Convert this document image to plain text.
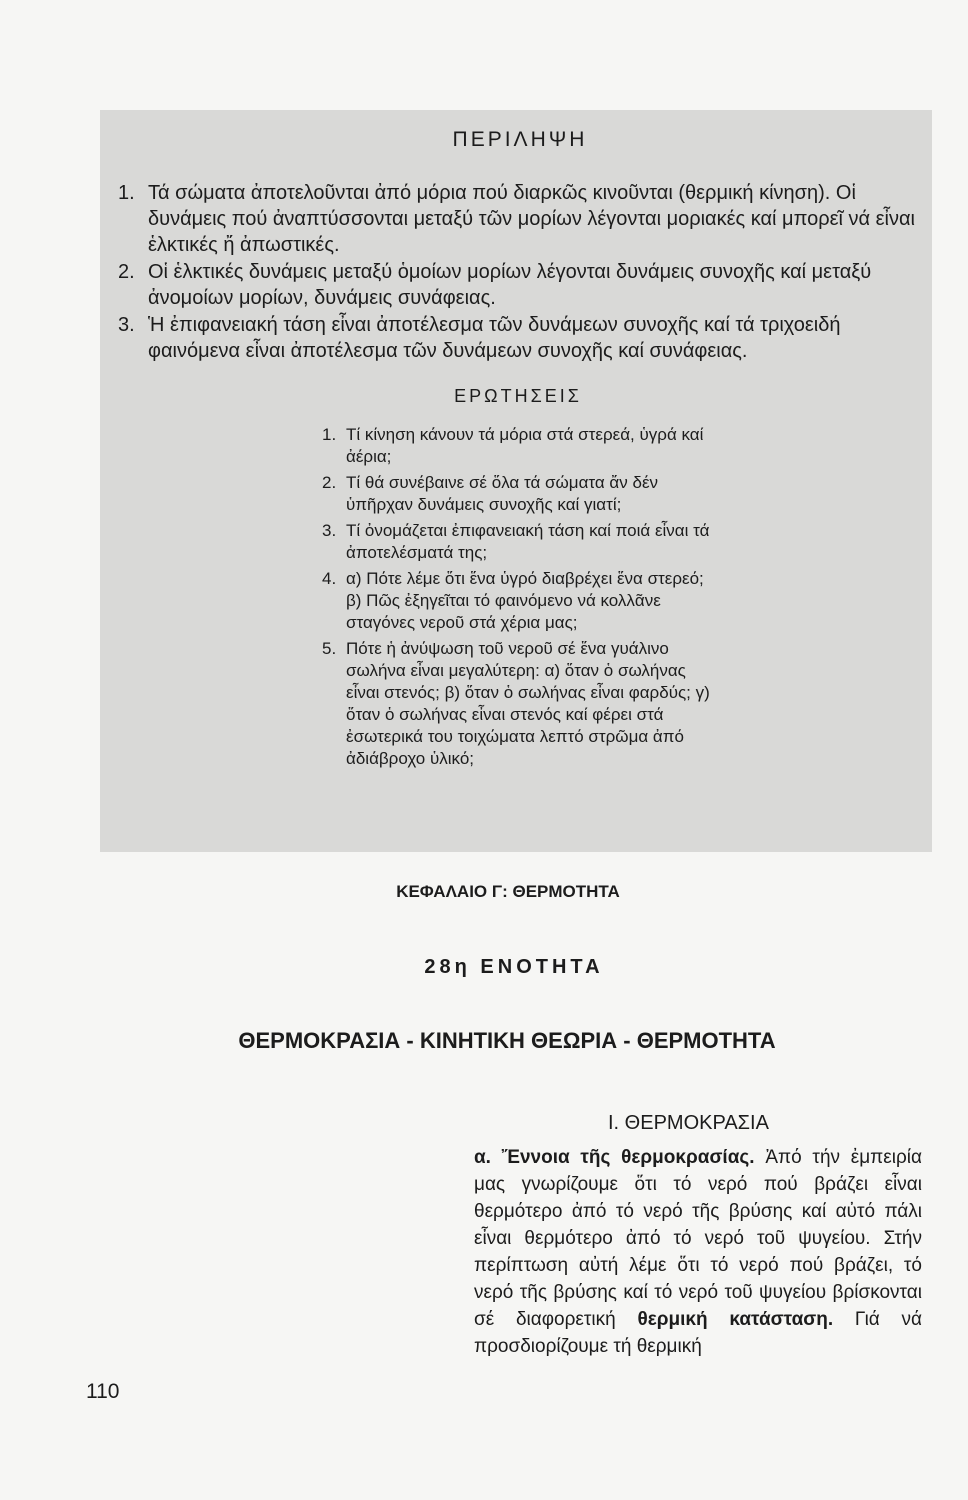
ΠΕΡΙΛΗΨΗ
1. Τά σώματα ἀποτελοῦνται ἀπό μόρια πού διαρκῶς κινοῦνται (θερμική κίνηση). Οἱ δυνάμεις πού ἀναπτύσσονται μεταξύ τῶν μορίων λέγονται μοριακές καί μπορεῖ νά εἶναι ἑλκτικές ἤ ἀπωστικές.
2. Οἱ ἑλκτικές δυνάμεις μεταξύ ὁμοίων μορίων λέγονται δυνάμεις συνοχῆς καί μεταξύ ἀνομοίων μορίων, δυνάμεις συνάφειας.
3. Ἡ ἐπιφανειακή τάση εἶναι ἀποτέλεσμα τῶν δυνάμεων συνοχῆς καί τά τριχοειδή φαινόμενα εἶναι ἀποτέλεσμα τῶν δυνάμεων συνοχῆς καί συνάφειας.
ΕΡΩΤΗΣΕΙΣ
1. Τί κίνηση κάνουν τά μόρια στά στερεά, ὑγρά καί ἀέρια;
2. Τί θά συνέβαινε σέ ὅλα τά σώματα ἄν δέν ὑπῆρχαν δυνάμεις συνοχῆς καί γιατί;
3. Τί ὀνομάζεται ἐπιφανειακή τάση καί ποιά εἶναι τά ἀποτελέσματά της;
4. α) Πότε λέμε ὅτι ἕνα ὑγρό διαβρέχει ἕνα στερεό; β) Πῶς ἐξηγεῖται τό φαινόμενο νά κολλᾶνε σταγόνες νεροῦ στά χέρια μας;
5. Πότε ἡ ἀνύψωση τοῦ νεροῦ σέ ἕνα γυάλινο σωλήνα εἶναι μεγαλύτερη: α) ὅταν ὁ σωλήνας εἶναι στενός; β) ὅταν ὁ σωλήνας εἶναι φαρδύς; γ) ὅταν ὁ σωλήνας εἶναι στενός καί φέρει στά ἐσωτερικά του τοιχώματα λεπτό στρῶμα ἀπό ἀδιάβροχο ὑλικό;
ΚΕΦΑΛΑΙΟ Γ: ΘΕΡΜΟΤΗΤΑ
28η ΕΝΟΤΗΤΑ
ΘΕΡΜΟΚΡΑΣΙΑ - ΚΙΝΗΤΙΚΗ ΘΕΩΡΙΑ - ΘΕΡΜΟΤΗΤΑ
Ι. ΘΕΡΜΟΚΡΑΣΙΑ
α. Ἔννοια τῆς θερμοκρασίας. Ἀπό τήν ἐμπειρία μας γνωρίζουμε ὅτι τό νερό πού βράζει εἶναι θερμότερο ἀπό τό νερό τῆς βρύσης καί αὐτό πάλι εἶναι θερμότερο ἀπό τό νερό τοῦ ψυγείου. Στήν περίπτωση αὐτή λέμε ὅτι τό νερό πού βράζει, τό νερό τῆς βρύσης καί τό νερό τοῦ ψυγείου βρίσκονται σέ διαφορετική θερμική κατάσταση. Γιά νά προσδιορίζουμε τή θερμική
110
